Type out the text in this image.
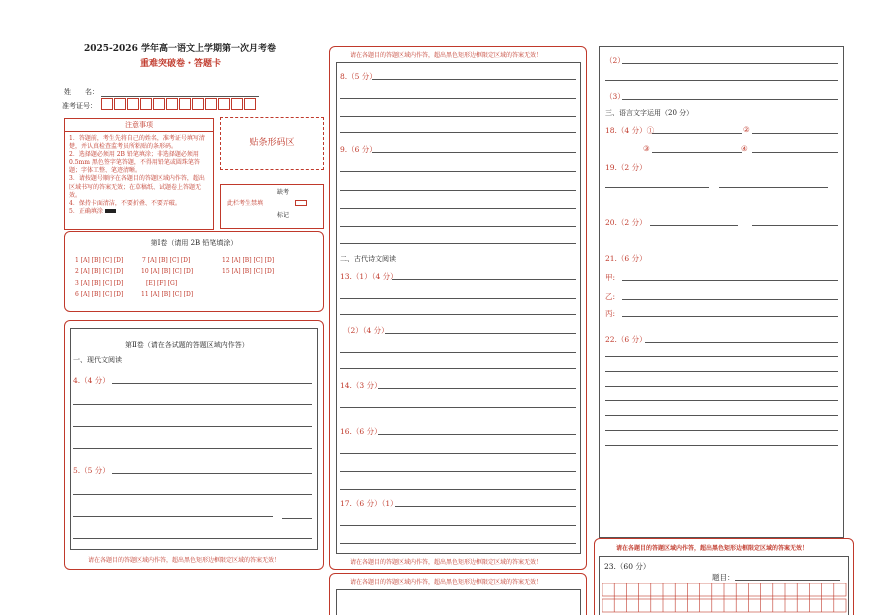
2025-2026 学年高一语文上学期第一次月考卷
重难突破卷・答题卡
姓　　名：
准考证号：
注意事项
1．答题前，考生先将自己的姓名，准考证号填写清楚，并认真检查监考员所粘贴的条形码。
2．选择题必须用 2B 铅笔填涂；非选择题必须用 0.5mm 黑色签字笔答题，不得用铅笔或圆珠笔答题；字体工整、笔迹清晰。
3．请按题号顺序在各题目的答题区域内作答，超出区域书写的答案无效；在草稿纸、试题卷上答题无效。
4．保持卡面清洁，不要折叠、不要弄破。
5．正确填涂
贴条形码区
缺考
此栏考生禁填
标记
第Ⅰ卷（请用 2B 铅笔填涂）
1 [A] [B] [C] [D]	7 [A] [B] [C] [D]	12 [A] [B] [C] [D]
2 [A] [B] [C] [D]	10 [A] [B] [C] [D]	15 [A] [B] [C] [D]
3 [A] [B] [C] [D]	[E] [F] [G]
6 [A] [B] [C] [D]	11 [A] [B] [C] [D]
第Ⅱ卷（请在各试题的答题区域内作答）
一、现代文阅读
4.（4 分）
5.（5 分）
请在各题目的答题区域内作答，超出黑色矩形边框限定区域的答案无效！
请在各题目的答题区域内作答，超出黑色矩形边框限定区域的答案无效！
8.（5 分）
9.（6 分）
二、古代诗文阅读
13.（1）（4 分）
（2）（4 分）
14.（3 分）
16.（6 分）
17.（6 分）（1）
请在各题目的答题区域内作答，超出黑色矩形边框限定区域的答案无效！
请在各题目的答题区域内作答，超出黑色矩形边框限定区域的答案无效！
（2）
（3）
三、语言文字运用（20 分）
18.（4 分）①	②
③	④
19.（2 分）
20.（2 分）
21.（6 分）
甲:
乙:
丙:
22.（6 分）
请在各题目的答题区域内作答，超出黑色矩形边框限定区域的答案无效！
23.（60 分）
题目：
